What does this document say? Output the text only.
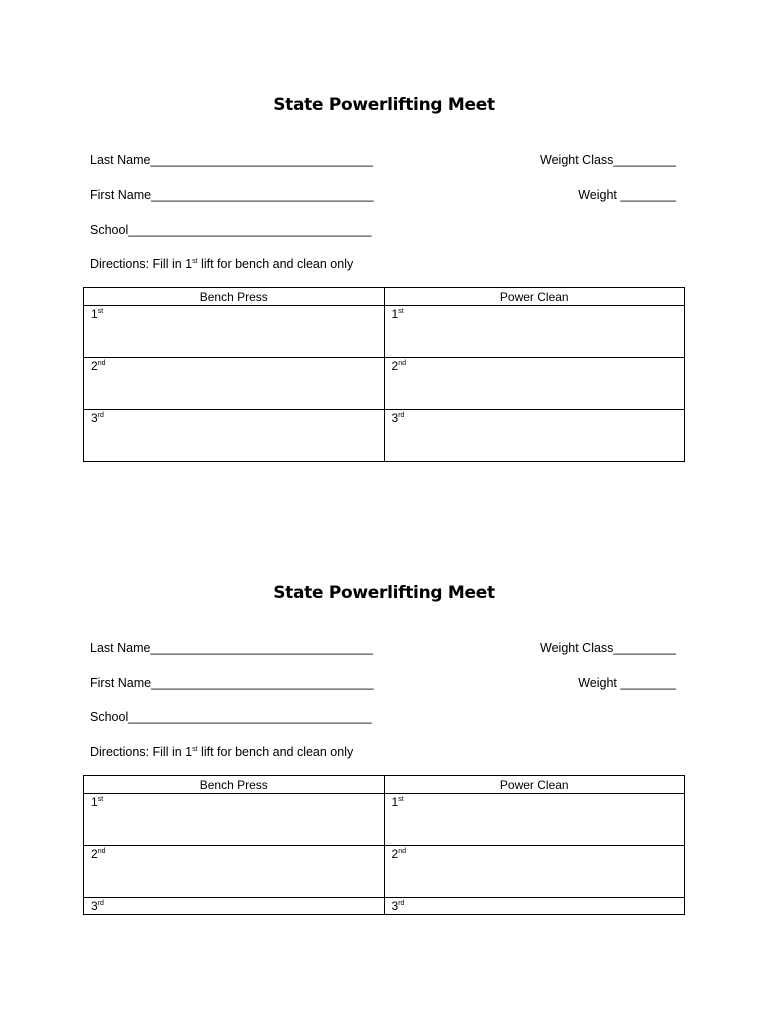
State Powerlifting Meet
Last Name________________________________	Weight Class_________
First Name________________________________	Weight ________
School___________________________________
Directions: Fill in 1st lift for bench and clean only
Bench Press	Power Clean
1st	1st
2nd	2nd
3rd	3rd
State Powerlifting Meet
Last Name________________________________	Weight Class_________
First Name________________________________	Weight ________
School___________________________________
Directions: Fill in 1st lift for bench and clean only
Bench Press	Power Clean
1st	1st
2nd	2nd
3rd	3rd
